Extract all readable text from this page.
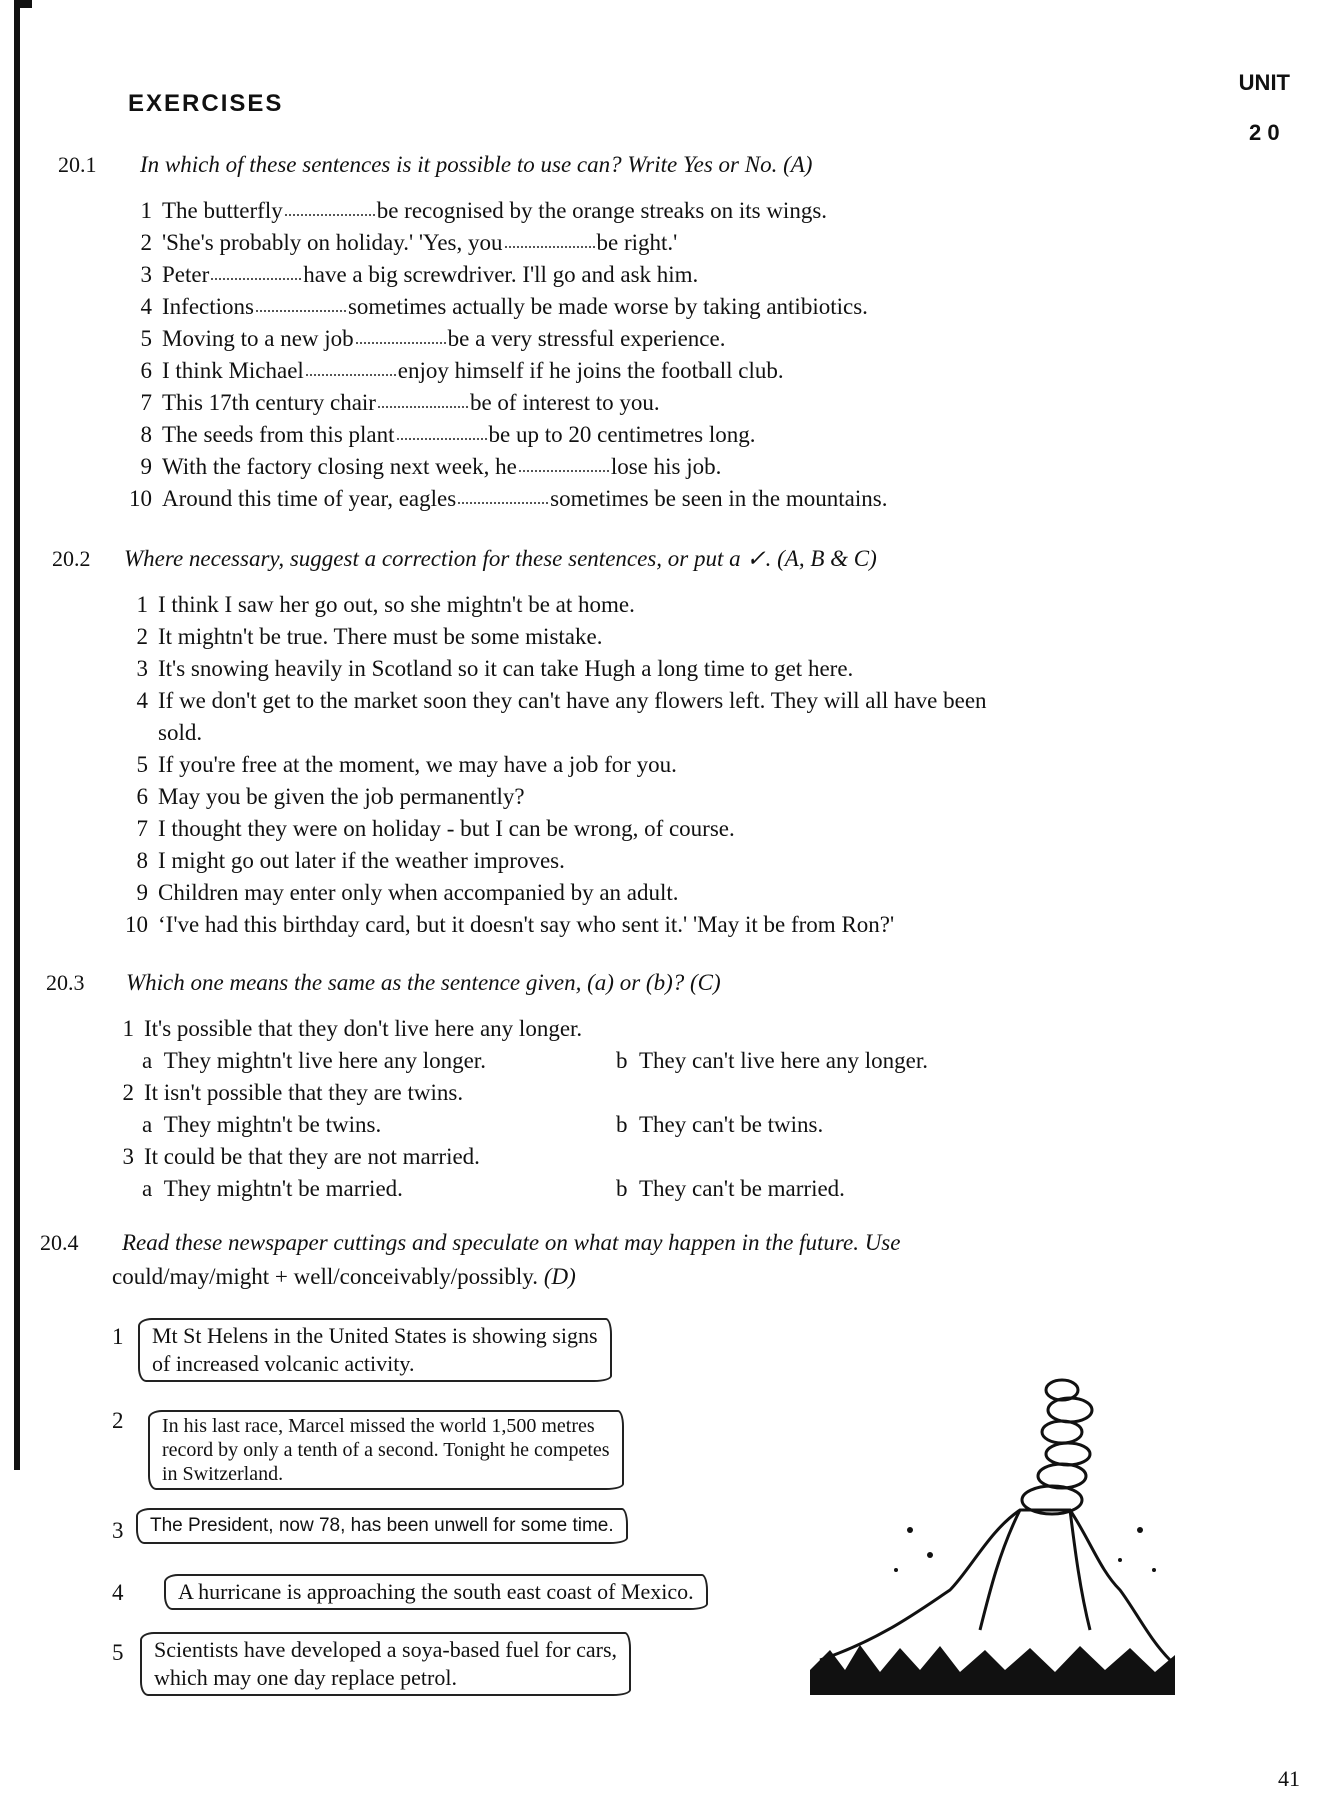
UNIT
2 0
EXERCISES
20.1 In which of these sentences is it possible to use can? Write Yes or No. (A)
1 The butterfly	be recognised by the orange streaks on its wings.
2 'She's probably on holiday.' 'Yes, you	be right.'
3 Peter	have a big screwdriver. I'll go and ask him.
4 Infections	sometimes actually be made worse by taking antibiotics.
5 Moving to a new job	be a very stressful experience.
6 I think Michael	enjoy himself if he joins the football club.
7 This 17th century chair	be of interest to you.
8 The seeds from this plant	be up to 20 centimetres long.
9 With the factory closing next week, he	lose his job.
10 Around this time of year, eagles	sometimes be seen in the mountains.
20.2 Where necessary, suggest a correction for these sentences, or put a ✓. (A, B & C)
1 I think I saw her go out, so she mightn't be at home.
2 It mightn't be true. There must be some mistake.
3 It's snowing heavily in Scotland so it can take Hugh a long time to get here.
4 If we don't get to the market soon they can't have any flowers left. They will all have been
sold.
5 If you're free at the moment, we may have a job for you.
6 May you be given the job permanently?
7 I thought they were on holiday - but I can be wrong, of course.
8 I might go out later if the weather improves.
9 Children may enter only when accompanied by an adult.
10 ‘I've had this birthday card, but it doesn't say who sent it.' 'May it be from Ron?'
20.3 Which one means the same as the sentence given, (a) or (b)? (C)
1 It's possible that they don't live here any longer.
a They mightn't live here any longer.	b They can't live here any longer.
2 It isn't possible that they are twins.
a They mightn't be twins.	b They can't be twins.
3 It could be that they are not married.
a They mightn't be married.	b They can't be married.
20.4 Read these newspaper cuttings and speculate on what may happen in the future. Use
could/may/might + well/conceivably/possibly. (D)
1 Mt St Helens in the United States is showing signs
of increased volcanic activity.
2 In his last race, Marcel missed the world 1,500 metres
record by only a tenth of a second. Tonight he competes
in Switzerland.
3 The President, now 78, has been unwell for some time.
4 A hurricane is approaching the south east coast of Mexico.
5 Scientists have developed a soya-based fuel for cars,
which may one day replace petrol.
41
